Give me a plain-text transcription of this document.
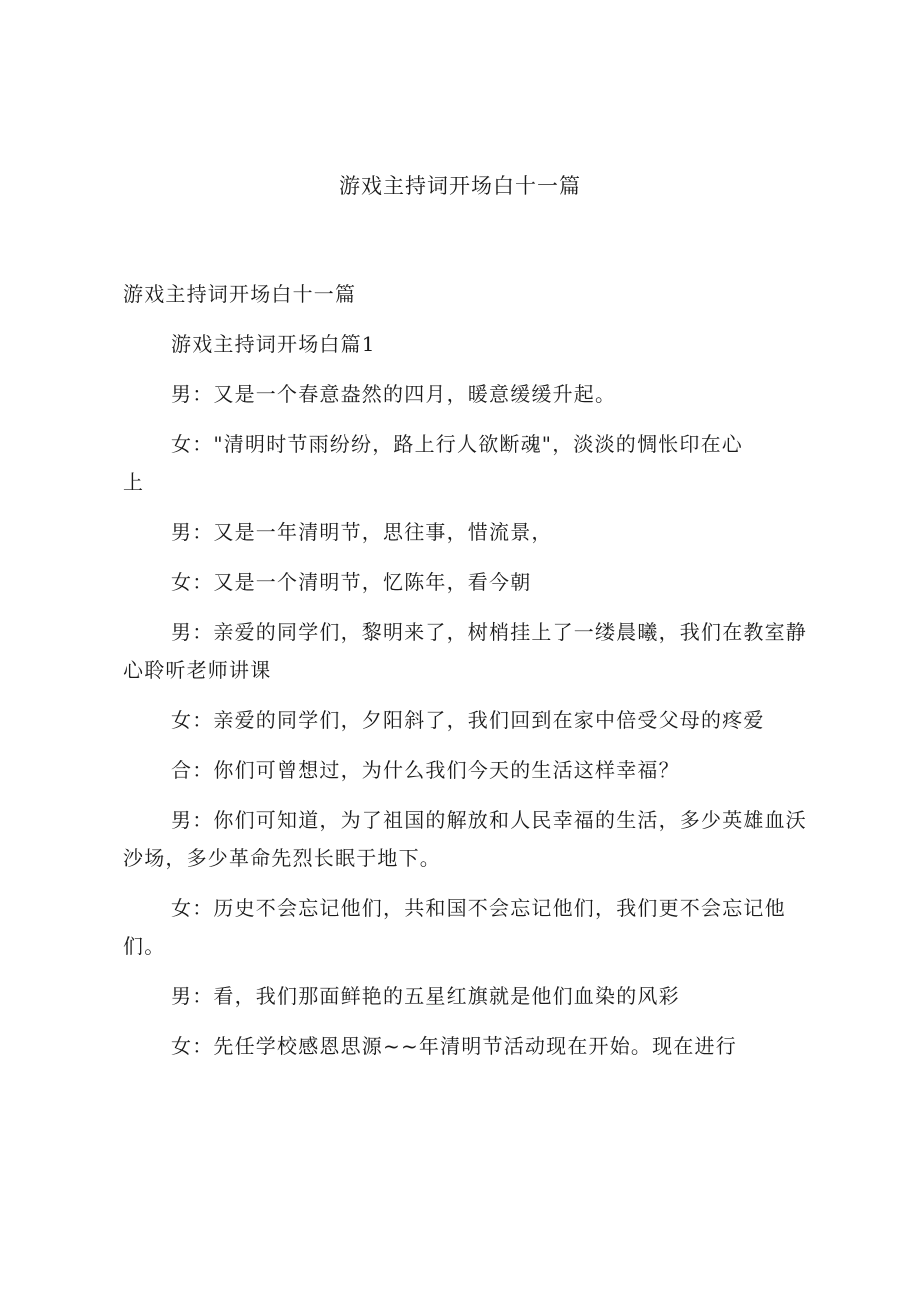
游戏主持词开场白十一篇

游戏主持词开场白十一篇

游戏主持词开场白篇1

男：又是一个春意盎然的四月，暖意缓缓升起。

女："清明时节雨纷纷，路上行人欲断魂"，淡淡的惆怅印在心上

男：又是一年清明节，思往事，惜流景，

女：又是一个清明节，忆陈年，看今朝

男：亲爱的同学们，黎明来了，树梢挂上了一缕晨曦，我们在教室静心聆听老师讲课

女：亲爱的同学们，夕阳斜了，我们回到在家中倍受父母的疼爱

合：你们可曾想过，为什么我们今天的生活这样幸福？

男：你们可知道，为了祖国的解放和人民幸福的生活，多少英雄血沃沙场，多少革命先烈长眠于地下。

女：历史不会忘记他们，共和国不会忘记他们，我们更不会忘记他们。

男：看，我们那面鲜艳的五星红旗就是他们血染的风彩

女：先任学校感恩思源~~年清明节活动现在开始。现在进行
